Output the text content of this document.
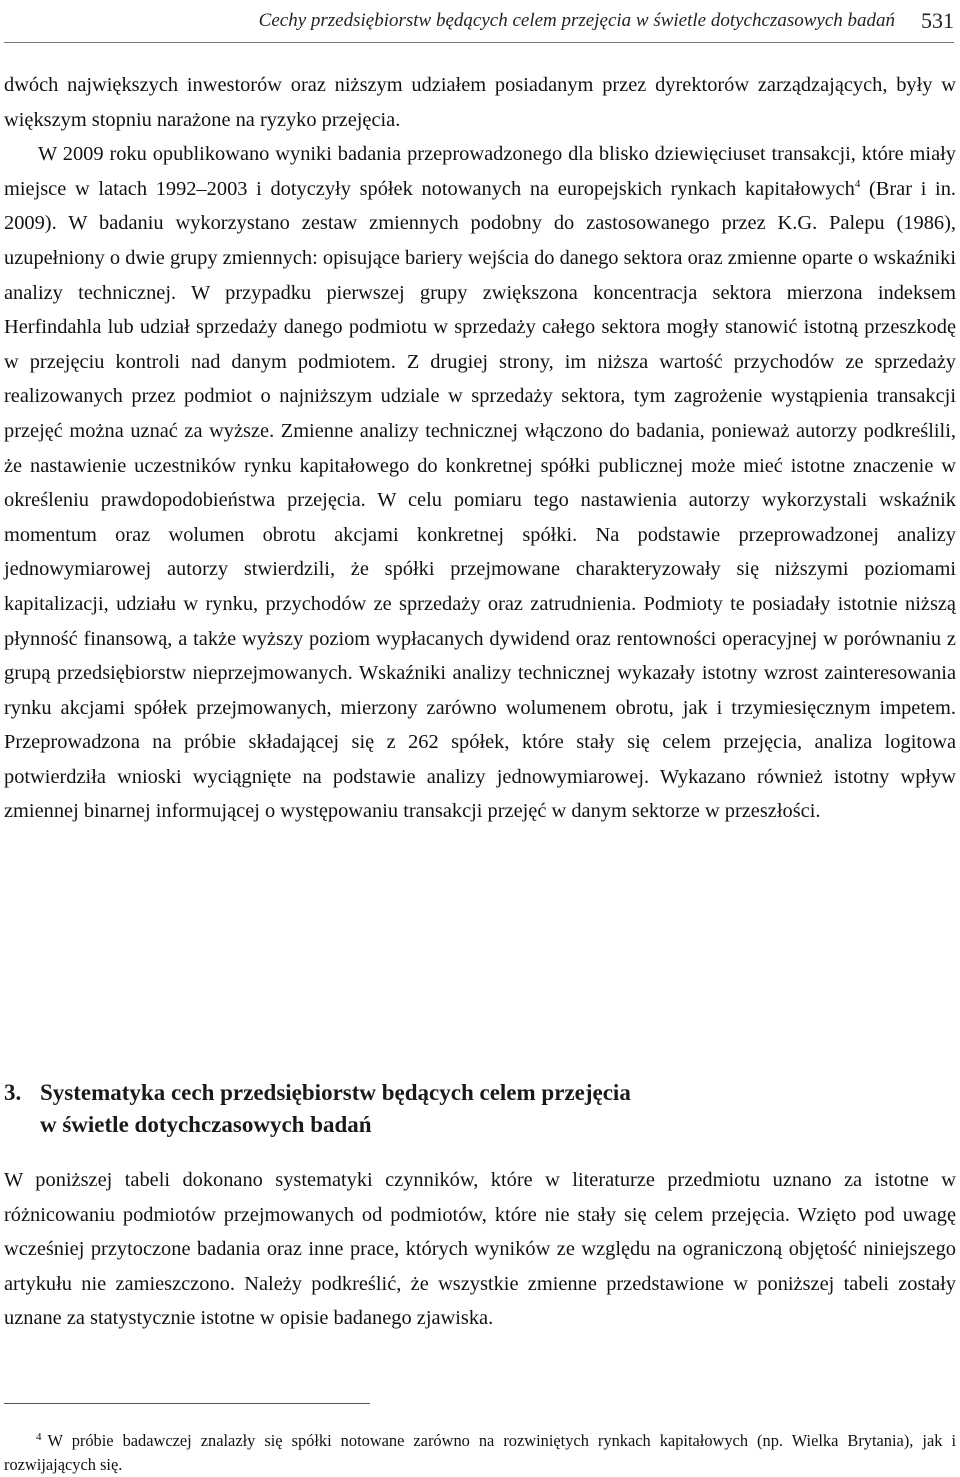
Cechy przedsiębiorstw będących celem przejęcia w świetle dotychczasowych badań 531

dwóch największych inwestorów oraz niższym udziałem posiadanym przez dyrektorów zarządzających, były w większym stopniu narażone na ryzyko przejęcia.

W 2009 roku opublikowano wyniki badania przeprowadzonego dla blisko dziewięciuset transakcji, które miały miejsce w latach 1992–2003 i dotyczyły spółek notowanych na europejskich rynkach kapitałowych$^4$ (Brar i in. 2009). W badaniu wykorzystano zestaw zmiennych podobny do zastosowanego przez K.G. Palepu (1986), uzupełniony o dwie grupy zmiennych: opisujące bariery wejścia do danego sektora oraz zmienne oparte o wskaźniki analizy technicznej. W przypadku pierwszej grupy zwiększona koncentracja sektora mierzona indeksem Herfindahla lub udział sprzedaży danego podmiotu w sprzedaży całego sektora mogły stanowić istotną przeszkodę w przejęciu kontroli nad danym podmiotem. Z drugiej strony, im niższa wartość przychodów ze sprzedaży realizowanych przez podmiot o najniższym udziale w sprzedaży sektora, tym zagrożenie wystąpienia transakcji przejęć można uznać za wyższe. Zmienne analizy technicznej włączono do badania, ponieważ autorzy podkreślili, że nastawienie uczestników rynku kapitałowego do konkretnej spółki publicznej może mieć istotne znaczenie w określeniu prawdopodobieństwa przejęcia. W celu pomiaru tego nastawienia autorzy wykorzystali wskaźnik momentum oraz wolumen obrotu akcjami konkretnej spółki. Na podstawie przeprowadzonej analizy jednowymiarowej autorzy stwierdzili, że spółki przejmowane charakteryzowały się niższymi poziomami kapitalizacji, udziału w rynku, przychodów ze sprzedaży oraz zatrudnienia. Podmioty te posiadały istotnie niższą płynność finansową, a także wyższy poziom wypłacanych dywidend oraz rentowności operacyjnej w porównaniu z grupą przedsiębiorstw nieprzejmowanych. Wskaźniki analizy technicznej wykazały istotny wzrost zainteresowania rynku akcjami spółek przejmowanych, mierzony zarówno wolumenem obrotu, jak i trzymiesięcznym impetem. Przeprowadzona na próbie składającej się z 262 spółek, które stały się celem przejęcia, analiza logitowa potwierdziła wnioski wyciągnięte na podstawie analizy jednowymiarowej. Wykazano również istotny wpływ zmiennej binarnej informującej o występowaniu transakcji przejęć w danym sektorze w przeszłości.

3. Systematyka cech przedsiębiorstw będących celem przejęcia
w świetle dotychczasowych badań

W poniższej tabeli dokonano systematyki czynników, które w literaturze przedmiotu uznano za istotne w różnicowaniu podmiotów przejmowanych od podmiotów, które nie stały się celem przejęcia. Wzięto pod uwagę wcześniej przytoczone badania oraz inne prace, których wyników ze względu na ograniczoną objętość niniejszego artykułu nie zamieszczono. Należy podkreślić, że wszystkie zmienne przedstawione w poniższej tabeli zostały uznane za statystycznie istotne w opisie badanego zjawiska.

4 W próbie badawczej znalazły się spółki notowane zarówno na rozwiniętych rynkach kapitałowych (np. Wielka Brytania), jak i rozwijających się.
